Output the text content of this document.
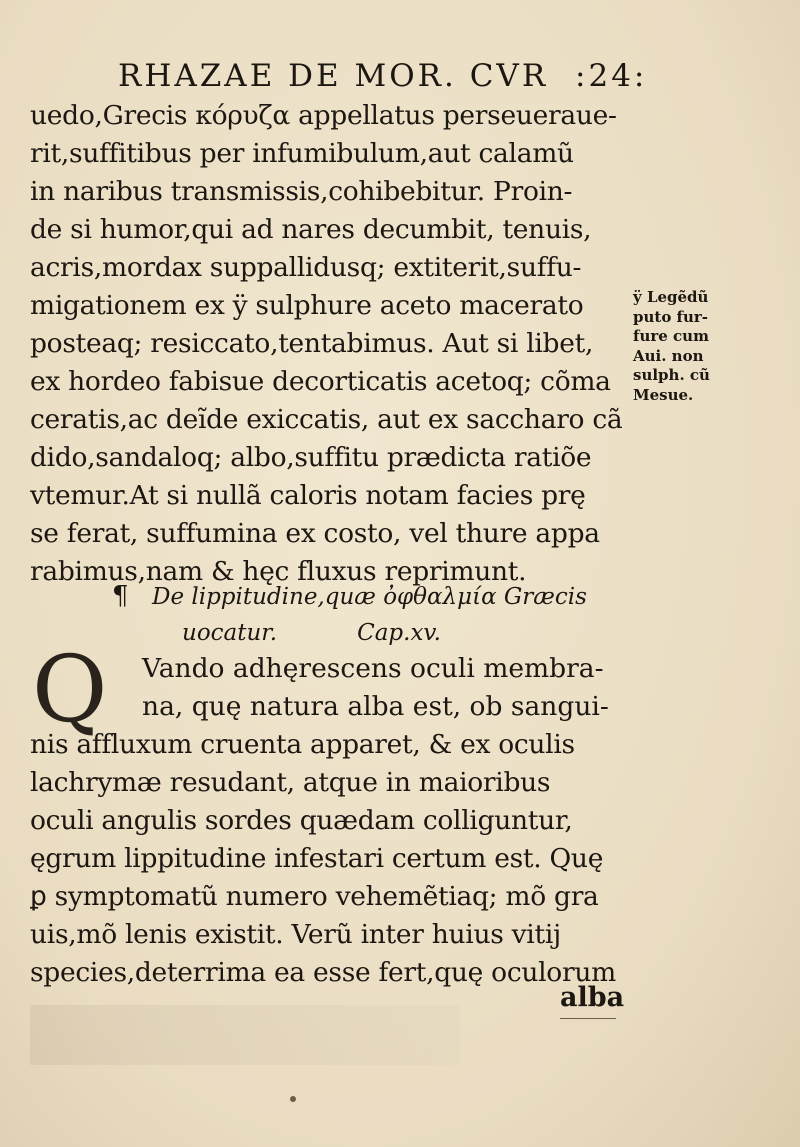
RHAZAE DE MOR. CVR :24:
uedo,Grecis κόρυζα appellatus perseueraue-
rit,suffitibus per infumibulum,aut calamũ
in naribus transmissis,cohibebitur. Proin-
de si humor,qui ad nares decumbit, tenuis,
acris,mordax suppallidusq; extiterit,suffu-
migationem ex ÿ sulphure aceto macerato
posteaq; resiccato,tentabimus. Aut si libet,
ex hordeo fabisue decorticatis acetoq; cõma
ceratis,ac deĩde exiccatis, aut ex saccharo cã
dido,sandaloq; albo,suffitu prædicta ratiõe
vtemur.At si nullã caloris notam facies prę
se ferat, suffumina ex costo, vel thure appa
rabimus,nam & hęc fluxus reprimunt.
¶ De lippitudine,quæ ὀφθαλμία Græcis
uocatur.	Cap.xv.
Q	Vando adhęrescens oculi membra-
na, quę natura alba est, ob sangui-
nis affluxum cruenta apparet, & ex oculis
lachrymæ resudant, atque in maioribus
oculi angulis sordes quædam colliguntur,
ęgrum lippitudine infestari certum est. Quę
ꝑ symptomatũ numero vehemẽtiaq; mõ gra
uis,mõ lenis existit. Verũ inter huius vitij
species,deterrima ea esse fert,quę oculorum
ÿ Legẽdũ
puto fur-
fure cum
Aui. non
sulph. cũ
Mesue.
alba
